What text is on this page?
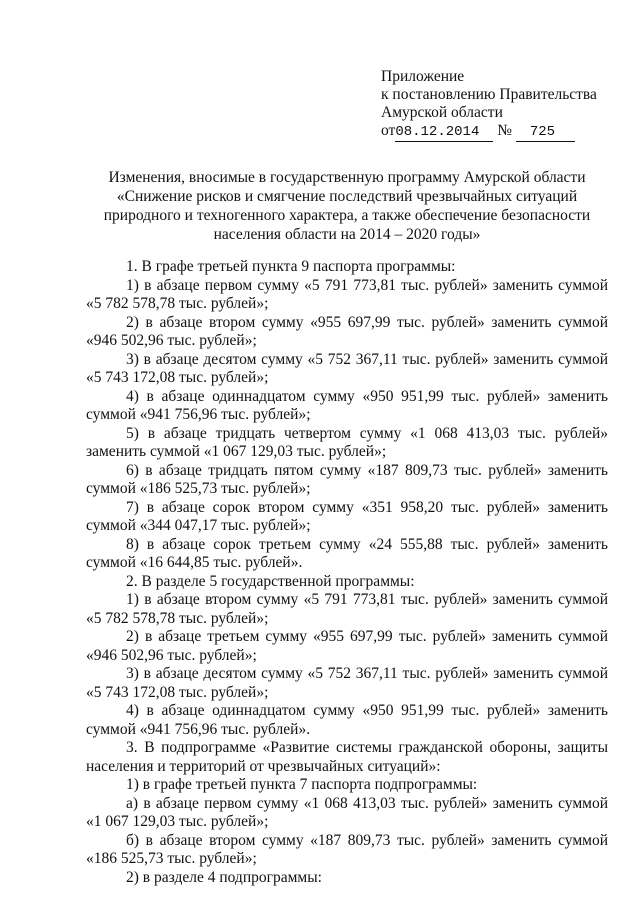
Приложение
к постановлению Правительства
Амурской области
от08.12.2014 № 725
Изменения, вносимые в государственную программу Амурской области
«Снижение рисков и смягчение последствий чрезвычайных ситуаций
природного и техногенного характера, а также обеспечение безопасности
населения области на 2014 – 2020 годы»

1. В графе третьей пункта 9 паспорта программы:

1) в абзаце первом сумму «5 791 773,81 тыс. рублей» заменить суммой «5 782 578,78 тыс. рублей»;

2) в абзаце втором сумму «955 697,99 тыс. рублей» заменить суммой «946 502,96 тыс. рублей»;

3) в абзаце десятом сумму «5 752 367,11 тыс. рублей» заменить суммой «5 743 172,08 тыс. рублей»;

4) в абзаце одиннадцатом сумму «950 951,99 тыс. рублей» заменить суммой «941 756,96 тыс. рублей»;

5) в абзаце тридцать четвертом сумму «1 068 413,03 тыс. рублей» заменить суммой «1 067 129,03 тыс. рублей»;

6) в абзаце тридцать пятом сумму «187 809,73 тыс. рублей» заменить суммой «186 525,73 тыс. рублей»;

7) в абзаце сорок втором сумму «351 958,20 тыс. рублей» заменить суммой «344 047,17 тыс. рублей»;

8) в абзаце сорок третьем сумму «24 555,88 тыс. рублей» заменить суммой «16 644,85 тыс. рублей».

2. В разделе 5 государственной программы:

1) в абзаце втором сумму «5 791 773,81 тыс. рублей» заменить суммой «5 782 578,78 тыс. рублей»;

2) в абзаце третьем сумму «955 697,99 тыс. рублей» заменить суммой «946 502,96 тыс. рублей»;

3) в абзаце десятом сумму «5 752 367,11 тыс. рублей» заменить суммой «5 743 172,08 тыс. рублей»;

4) в абзаце одиннадцатом сумму «950 951,99 тыс. рублей» заменить суммой «941 756,96 тыс. рублей».

3. В подпрограмме «Развитие системы гражданской обороны, защиты населения и территорий от чрезвычайных ситуаций»:

1) в графе третьей пункта 7 паспорта подпрограммы:

а) в абзаце первом сумму «1 068 413,03 тыс. рублей» заменить суммой «1 067 129,03 тыс. рублей»;

б) в абзаце втором сумму «187 809,73 тыс. рублей» заменить суммой «186 525,73 тыс. рублей»;

2) в разделе 4 подпрограммы:
